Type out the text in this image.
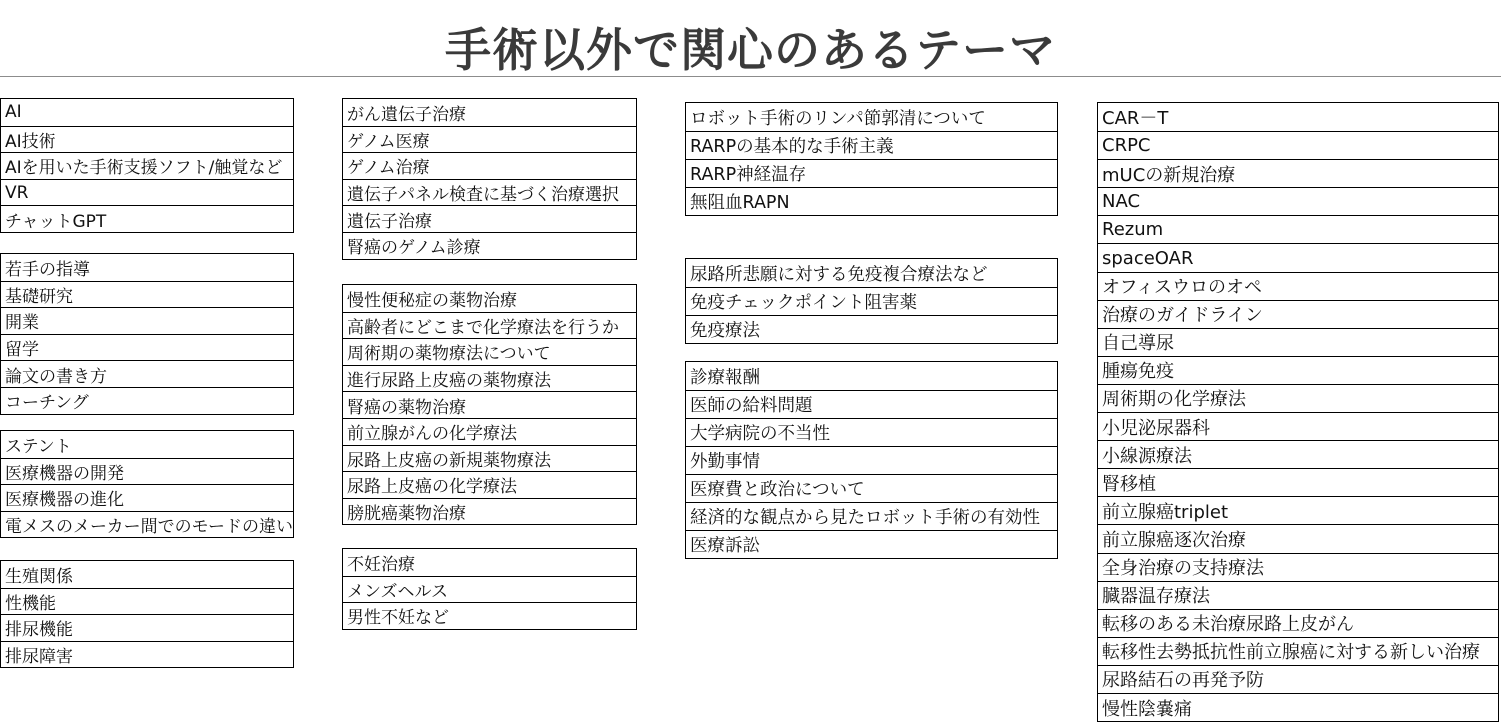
手術以外で関心のあるテーマ
AI
AI技術
AIを用いた手術支援ソフト/触覚など
VR
チャットGPT
若手の指導
基礎研究
開業
留学
論文の書き方
コーチング
ステント
医療機器の開発
医療機器の進化
電メスのメーカー間でのモードの違い
生殖関係
性機能
排尿機能
排尿障害
がん遺伝子治療
ゲノム医療
ゲノム治療
遺伝子パネル検査に基づく治療選択
遺伝子治療
腎癌のゲノム診療
慢性便秘症の薬物治療
高齢者にどこまで化学療法を行うか
周術期の薬物療法について
進行尿路上皮癌の薬物療法
腎癌の薬物治療
前立腺がんの化学療法
尿路上皮癌の新規薬物療法
尿路上皮癌の化学療法
膀胱癌薬物治療
不妊治療
メンズヘルス
男性不妊など
ロボット手術のリンパ節郭清について
RARPの基本的な手術主義
RARP神経温存
無阻血RAPN
尿路所悲願に対する免疫複合療法など
免疫チェックポイント阻害薬
免疫療法
診療報酬
医師の給料問題
大学病院の不当性
外勤事情
医療費と政治について
経済的な観点から見たロボット手術の有効性
医療訴訟
CAR－T
CRPC
mUCの新規治療
NAC
Rezum
spaceOAR
オフィスウロのオペ
治療のガイドライン
自己導尿
腫瘍免疫
周術期の化学療法
小児泌尿器科
小線源療法
腎移植
前立腺癌triplet
前立腺癌逐次治療
全身治療の支持療法
臓器温存療法
転移のある未治療尿路上皮がん
転移性去勢抵抗性前立腺癌に対する新しい治療
尿路結石の再発予防
慢性陰嚢痛
